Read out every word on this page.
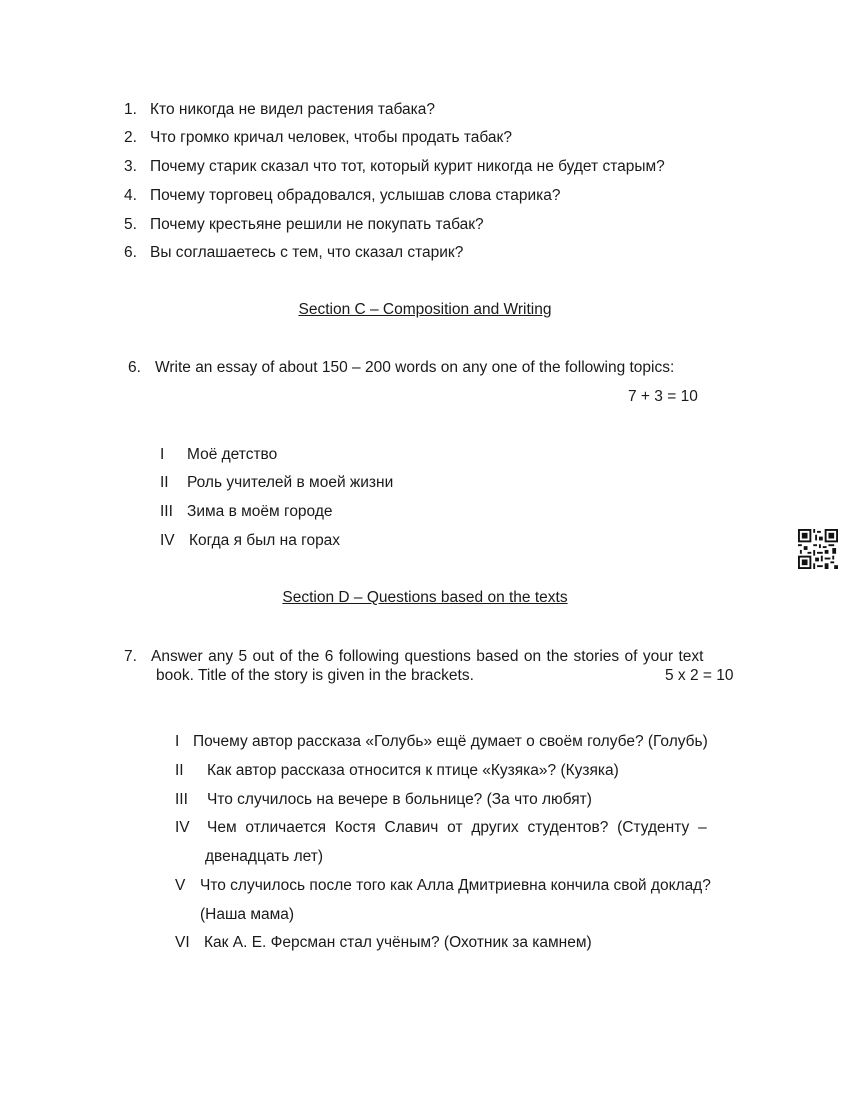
1. Кто никогда не видел растения табака?
2. Что громко кричал человек, чтобы продать табак?
3. Почему старик сказал что тот, который курит никогда не будет старым?
4. Почему торговец обрадовался, услышав слова старика?
5. Почему крестьяне решили не покупать табак?
6. Вы соглашаетесь с тем, что сказал старик?
Section C – Composition and Writing
6. Write an essay of about 150 – 200 words on any one of the following topics:
7 + 3 = 10
I Моё детство
II Роль учителей в моей жизни
III Зима в моём городе
IV Когда я был на горах
Section D – Questions based on the texts
7. Answer any 5 out of the 6 following questions based on the stories of your text
book. Title of the story is given in the brackets.	5 x 2 = 10
I Почему автор рассказа «Голубь» ещё думает о своём голубе? (Голубь)
II Как автор рассказа относится к птице «Кузяка»? (Кузяка)
III Что случилось на вечере в больнице? (За что любят)
IV Чем отличается Костя Славич от других студентов? (Студенту –
двенадцать лет)
V Что случилось после того как Алла Дмитриевна кончила свой доклад?
(Наша мама)
VI Как А. Е. Ферсман стал учёным? (Охотник за камнем)
